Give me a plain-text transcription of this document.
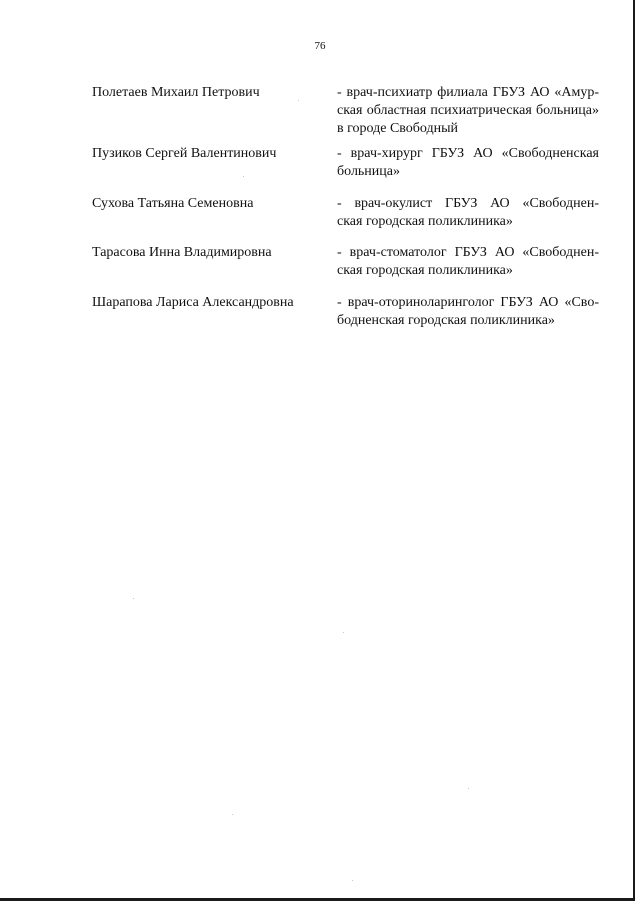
76
Полетаев Михаил Петрович	- врач-психиатр филиала ГБУЗ АО «Амур-
ская областная психиатрическая больница»
в городе Свободный
Пузиков Сергей Валентинович	- врач-хирург ГБУЗ АО «Свободненская
больница»
Сухова Татьяна Семеновна	- врач-окулист ГБУЗ АО «Свободнен-
ская городская поликлиника»
Тарасова Инна Владимировна	- врач-стоматолог ГБУЗ АО «Свободнен-
ская городская поликлиника»
Шарапова Лариса Александровна	- врач-оториноларинголог ГБУЗ АО «Сво-
бодненская городская поликлиника»
